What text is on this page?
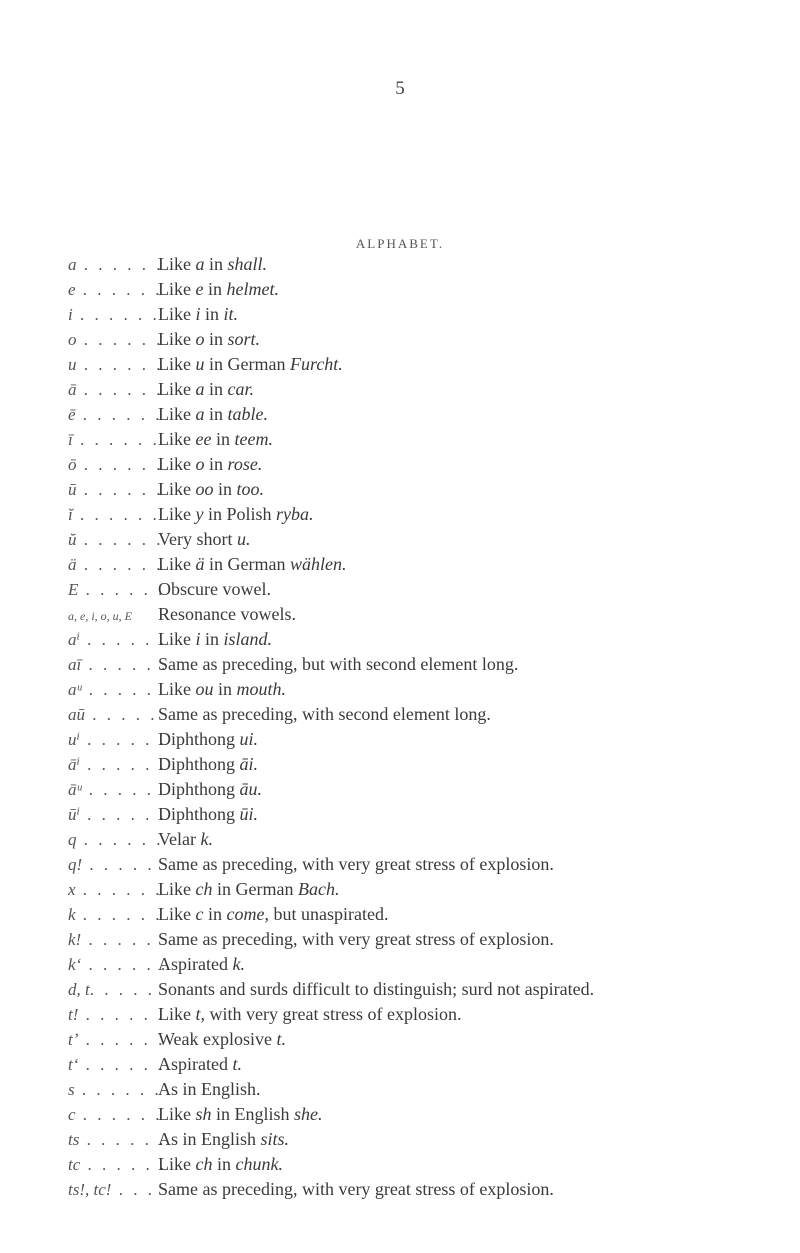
5
ALPHABET.
a . . . . . .
Like a in shall.
e . . . . . .
Like e in helmet.
i . . . . . .
Like i in it.
o . . . . . .
Like o in sort.
u . . . . . .
Like u in German Furcht.
ā . . . . . .
Like a in car.
ē . . . . . .
Like a in table.
ī . . . . . .
Like ee in teem.
ō . . . . . .
Like o in rose.
ū . . . . . .
Like oo in too.
ĭ . . . . . .
Like y in Polish ryba.
ŭ . . . . . .
Very short u.
ä . . . . . .
Like ä in German wählen.
E . . . . . .
Obscure vowel.
a, e, i, o, u, E	Resonance vowels.
aⁱ . . . . . .
Like i in island.
aī . . . . . .
Same as preceding, but with second element long.
aᵘ . . . . . Like ou in mouth.
aū . . . . . Same as preceding, with second element long.
uⁱ . . . . . .
Diphthong ui.
āⁱ . . . . . .
Diphthong āi.
āᵘ . . . . . Diphthong āu.
ūⁱ . . . . . .
Diphthong ūi.
q . . . . . .
Velar k.
q! . . . . . Same as preceding, with very great stress of explosion.
x . . . . . .
Like ch in German Bach.
k . . . . . .
Like c in come, but unaspirated.
k! . . . . . Same as preceding, with very great stress of explosion.
kʻ . . . . . .
Aspirated k.
d, t. . . . . Sonants and surds difficult to distinguish; surd not aspirated.
t! . . . . . .
Like t, with very great stress of explosion.
tʼ . . . . . .
Weak explosive t.
tʻ . . . . . .
Aspirated t.
s . . . . . .
As in English.
c . . . . . .
Like sh in English she.
ts . . . . . .
As in English sits.
tc . . . . . .
Like ch in chunk.
ts!, tc! . . . Same as preceding, with very great stress of explosion.
